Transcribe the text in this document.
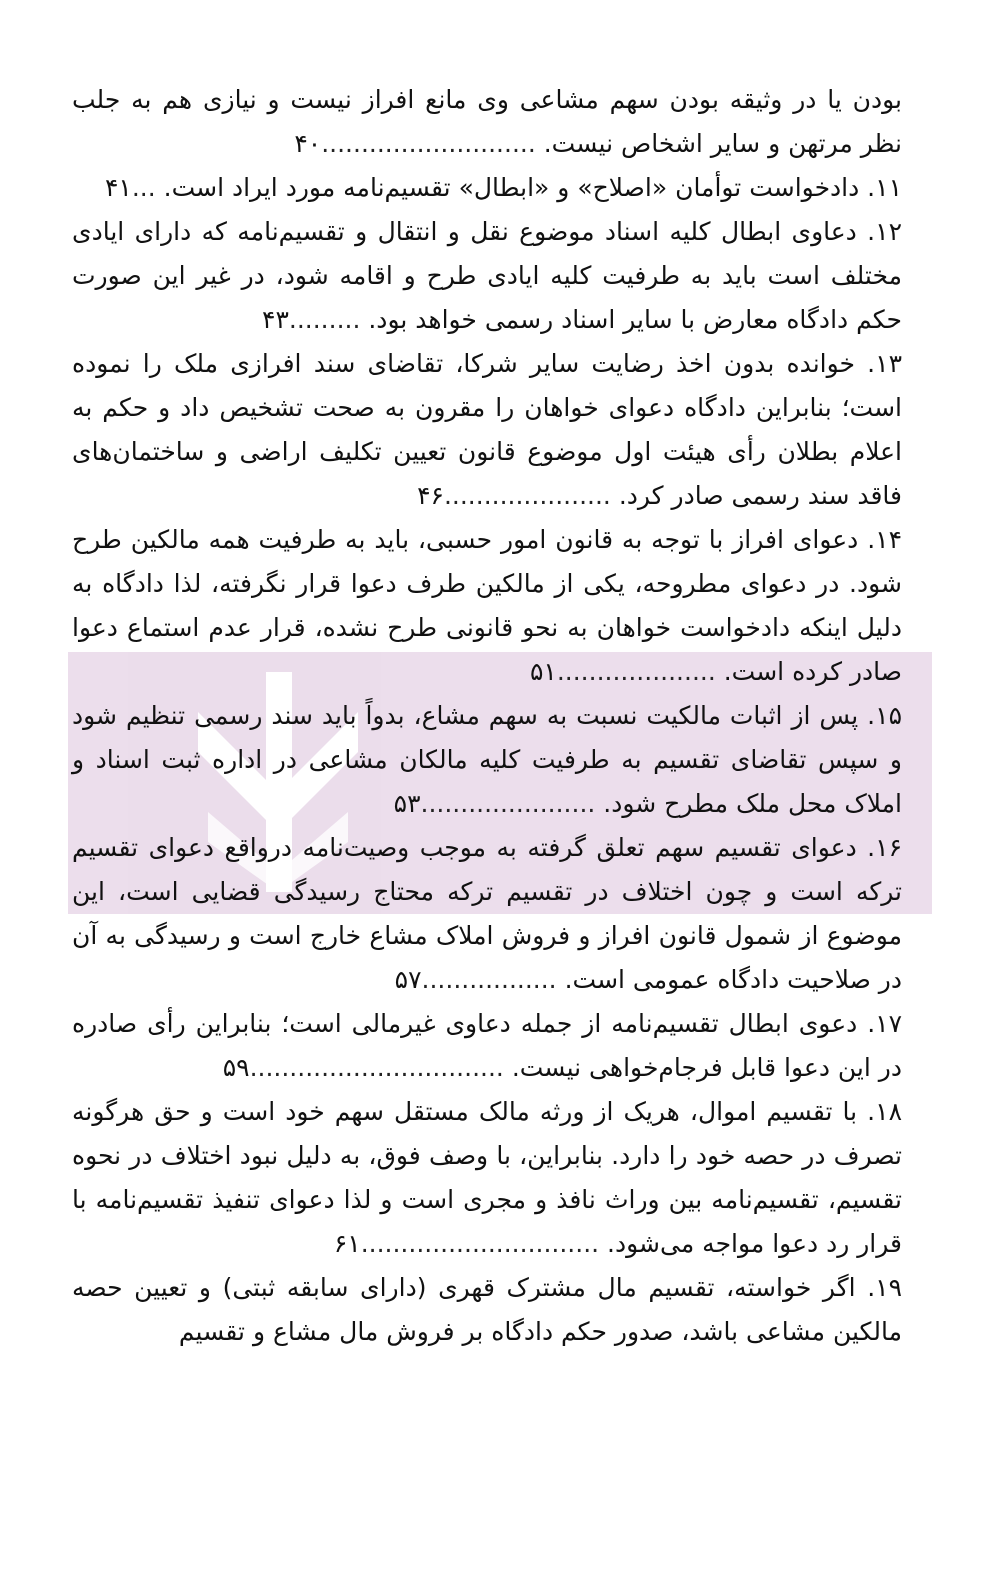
بودن یا در وثیقه بودن سهم مشاعی وی مانع افراز نیست و نیازی هم به جلب نظر مرتهن و سایر اشخاص نیست. ...........................۴۰

۱۱. دادخواست توأمان «اصلاح» و «ابطال» تقسیم‌نامه مورد ایراد است. ...۴۱

۱۲. دعاوی ابطال کلیه اسناد موضوع نقل و انتقال و تقسیم‌نامه که دارای ایادی مختلف است باید به طرفیت کلیه ایادی طرح و اقامه شود، در غیر این صورت حکم دادگاه معارض با سایر اسناد رسمی خواهد بود. .........۴۳

۱۳. خوانده بدون اخذ رضایت سایر شرکا، تقاضای سند افرازی ملک را نموده است؛ بنابراین دادگاه دعوای خواهان را مقرون به صحت تشخیص داد و حکم به اعلام بطلان رأی هیئت اول موضوع قانون تعیین تکلیف اراضی و ساختمان‌های فاقد سند رسمی صادر کرد. .....................۴۶

۱۴. دعوای افراز با توجه به قانون امور حسبی، باید به طرفیت همه مالکین طرح شود. در دعوای مطروحه، یکی از مالکین طرف دعوا قرار نگرفته، لذا دادگاه به دلیل اینکه دادخواست خواهان به نحو قانونی طرح نشده، قرار عدم استماع دعوا صادر کرده است. ....................۵۱

۱۵. پس از اثبات مالکیت نسبت به سهم مشاع، بدواً باید سند رسمی تنظیم شود و سپس تقاضای تقسیم به طرفیت کلیه مالکان مشاعی در اداره ثبت اسناد و املاک محل ملک مطرح شود. ......................۵۳

۱۶. دعوای تقسیم سهم تعلق گرفته به موجب وصیت‌نامه درواقع دعوای تقسیم ترکه است و چون اختلاف در تقسیم ترکه محتاج رسیدگی قضایی است، این موضوع از شمول قانون افراز و فروش املاک مشاع خارج است و رسیدگی به آن در صلاحیت دادگاه عمومی است. .................۵۷

۱۷. دعوی ابطال تقسیم‌نامه از جمله دعاوی غیرمالی است؛ بنابراین رأی صادره در این دعوا قابل فرجام‌خواهی نیست. ................................۵۹

۱۸. با تقسیم اموال، هریک از ورثه مالک مستقل سهم خود است و حق هرگونه تصرف در حصه خود را دارد. بنابراین، با وصف فوق، به دلیل نبود اختلاف در نحوه تقسیم، تقسیم‌نامه بین وراث نافذ و مجری است و لذا دعوای تنفیذ تقسیم‌نامه با قرار رد دعوا مواجه می‌شود. ..............................۶۱

۱۹. اگر خواسته، تقسیم مال مشترک قهری (دارای سابقه ثبتی) و تعیین حصه مالکین مشاعی باشد، صدور حکم دادگاه بر فروش مال مشاع و تقسیم
